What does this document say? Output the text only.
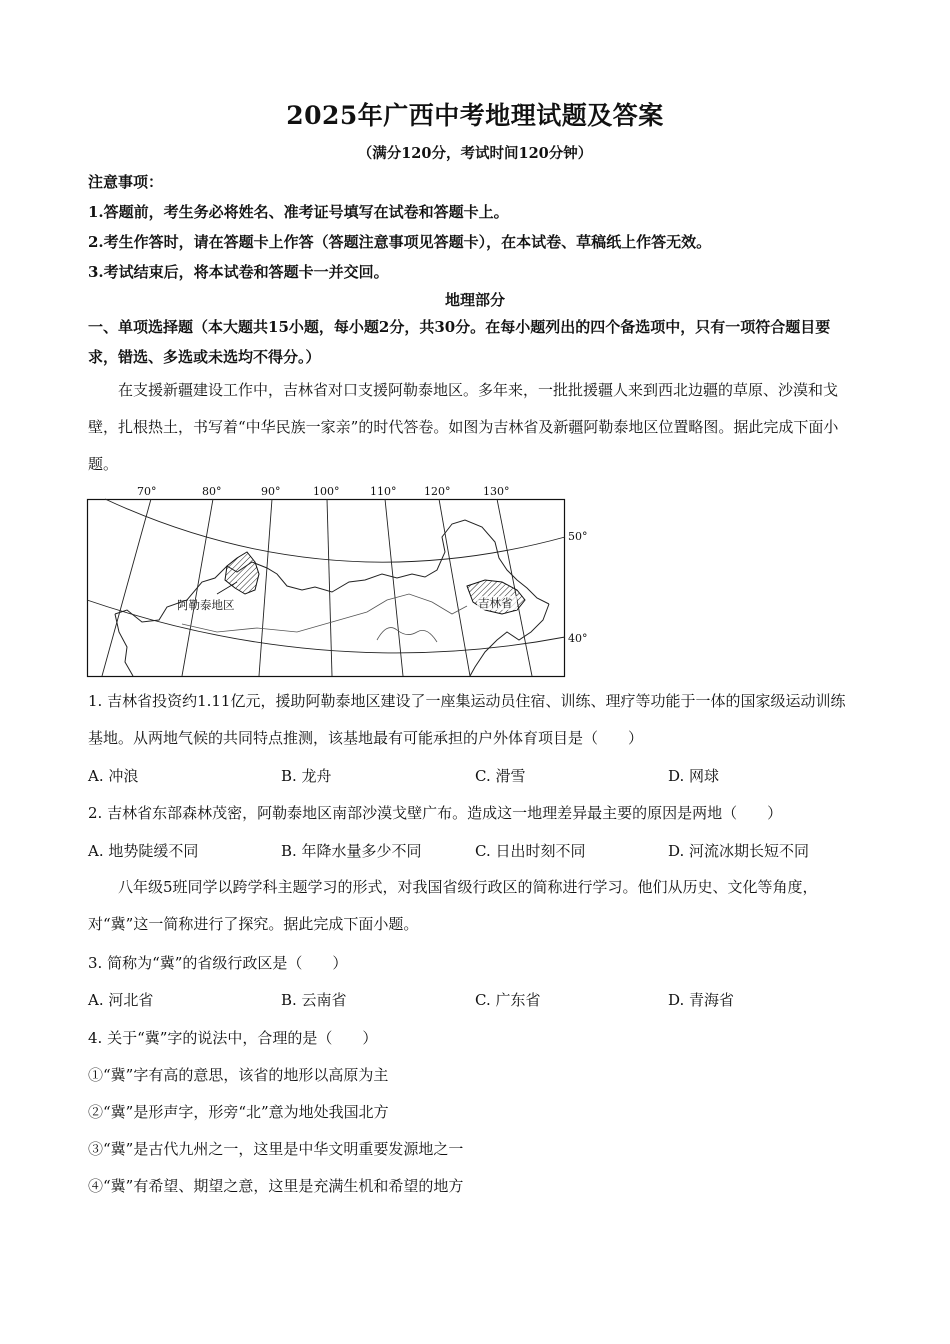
2025年广西中考地理试题及答案
（满分120分，考试时间120分钟）
注意事项：
1.答题前，考生务必将姓名、准考证号填写在试卷和答题卡上。
2.考生作答时，请在答题卡上作答（答题注意事项见答题卡），在本试卷、草稿纸上作答无效。
3.考试结束后，将本试卷和答题卡一并交回。
地理部分
一、单项选择题（本大题共15小题，每小题2分，共30分。在每小题列出的四个备选项中，只有一项符合题目要求，错选、多选或未选均不得分。）
在支援新疆建设工作中，吉林省对口支援阿勒泰地区。多年来，一批批援疆人来到西北边疆的草原、沙漠和戈壁，扎根热土，书写着“中华民族一家亲”的时代答卷。如图为吉林省及新疆阿勒泰地区位置略图。据此完成下面小题。
70°	80°	90°	100°	110°	120°	130°
阿勒泰地区	吉林省
50°
40°
1. 吉林省投资约1.11亿元，援助阿勒泰地区建设了一座集运动员住宿、训练、理疗等功能于一体的国家级运动训练基地。从两地气候的共同特点推测，该基地最有可能承担的户外体育项目是（　　）
A. 冲浪	B. 龙舟	C. 滑雪	D. 网球
2. 吉林省东部森林茂密，阿勒泰地区南部沙漠戈壁广布。造成这一地理差异最主要的原因是两地（　　）
A. 地势陡缓不同	B. 年降水量多少不同	C. 日出时刻不同	D. 河流冰期长短不同
八年级5班同学以跨学科主题学习的形式，对我国省级行政区的简称进行学习。他们从历史、文化等角度，对“冀”这一简称进行了探究。据此完成下面小题。
3. 简称为“冀”的省级行政区是（　　）
A. 河北省	B. 云南省	C. 广东省	D. 青海省
4. 关于“冀”字的说法中，合理的是（　　）
①“冀”字有高的意思，该省的地形以高原为主
②“冀”是形声字，形旁“北”意为地处我国北方
③“冀”是古代九州之一，这里是中华文明重要发源地之一
④“冀”有希望、期望之意，这里是充满生机和希望的地方
